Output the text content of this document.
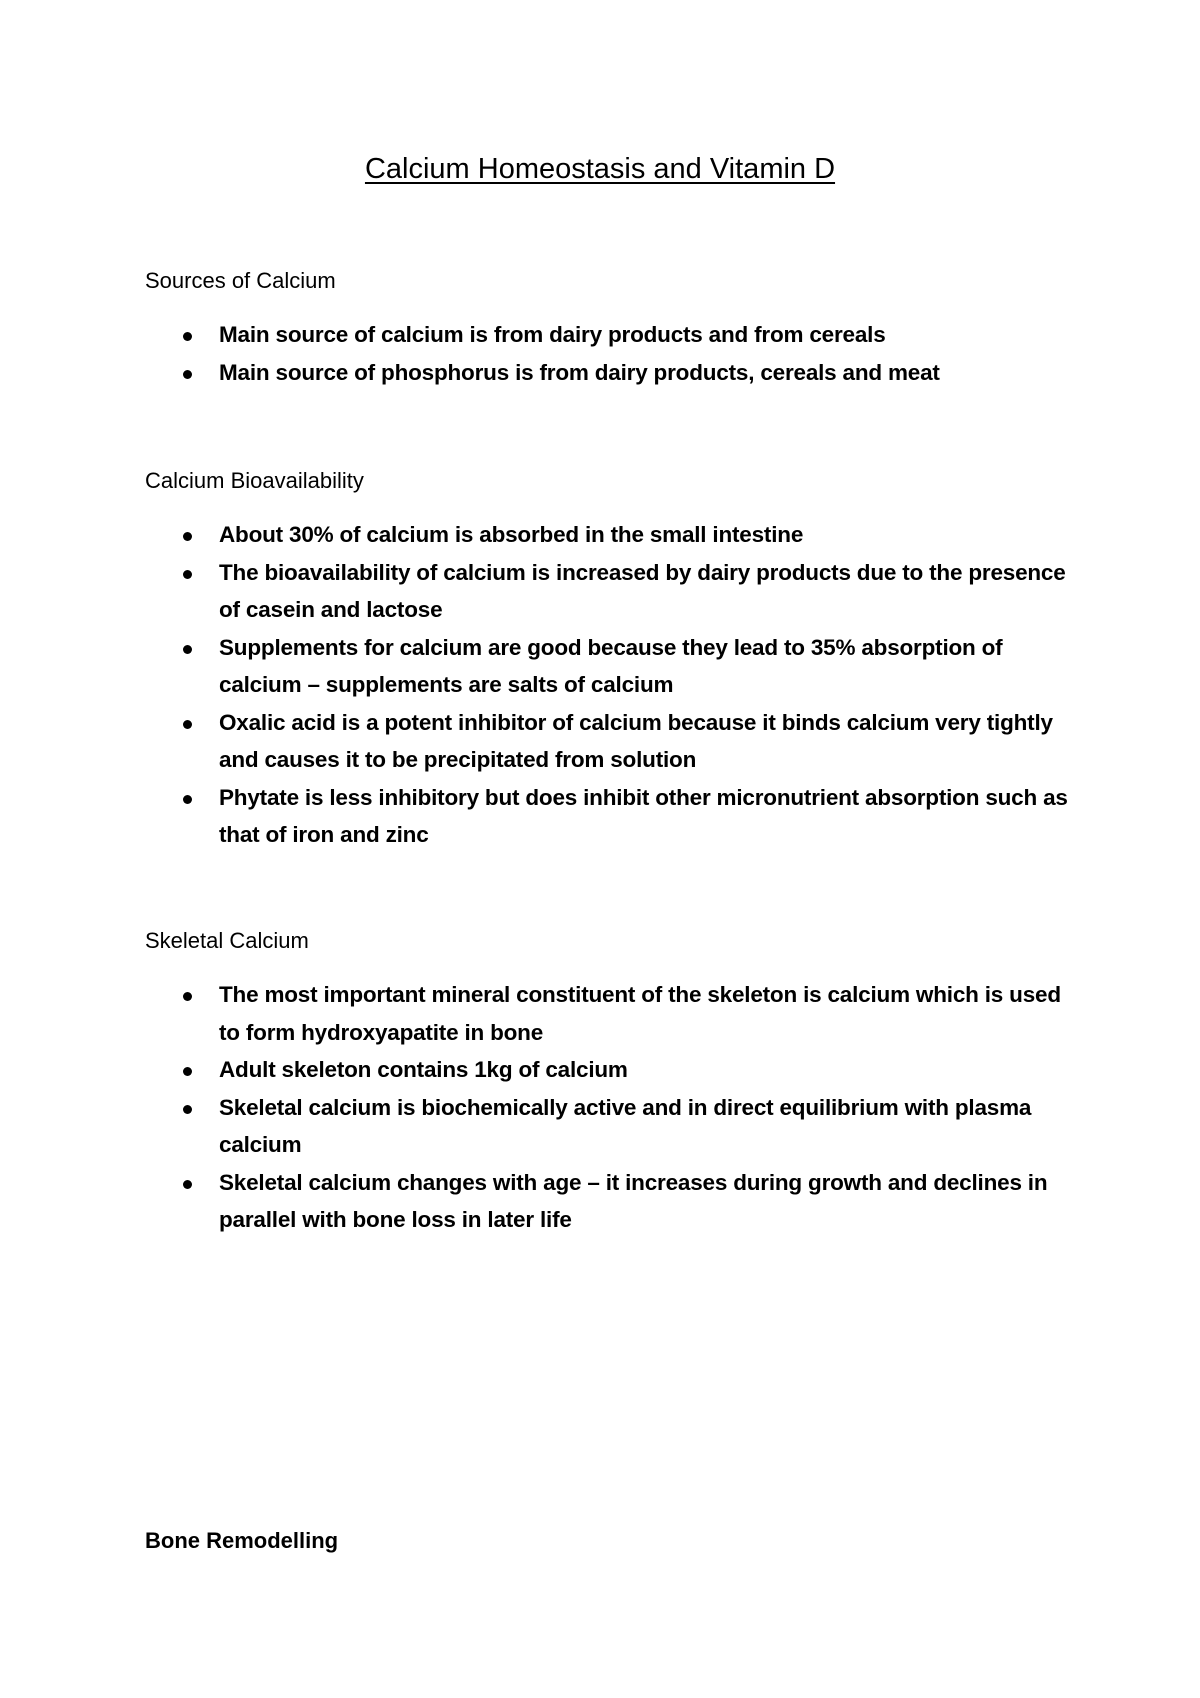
Calcium Homeostasis and Vitamin D
Sources of Calcium
Main source of calcium is from dairy products and from cereals
Main source of phosphorus is from dairy products, cereals and meat
Calcium Bioavailability
About 30% of calcium is absorbed in the small intestine
The bioavailability of calcium is increased by dairy products due to the presence of casein and lactose
Supplements for calcium are good because they lead to 35% absorption of calcium – supplements are salts of calcium
Oxalic acid is a potent inhibitor of calcium because it binds calcium very tightly and causes it to be precipitated from solution
Phytate is less inhibitory but does inhibit other micronutrient absorption such as that of iron and zinc
Skeletal Calcium
The most important mineral constituent of the skeleton is calcium which is used to form hydroxyapatite in bone
Adult skeleton contains 1kg of calcium
Skeletal calcium is biochemically active and in direct equilibrium with plasma calcium
Skeletal calcium changes with age – it increases during growth and declines in parallel with bone loss in later life
Bone Remodelling
